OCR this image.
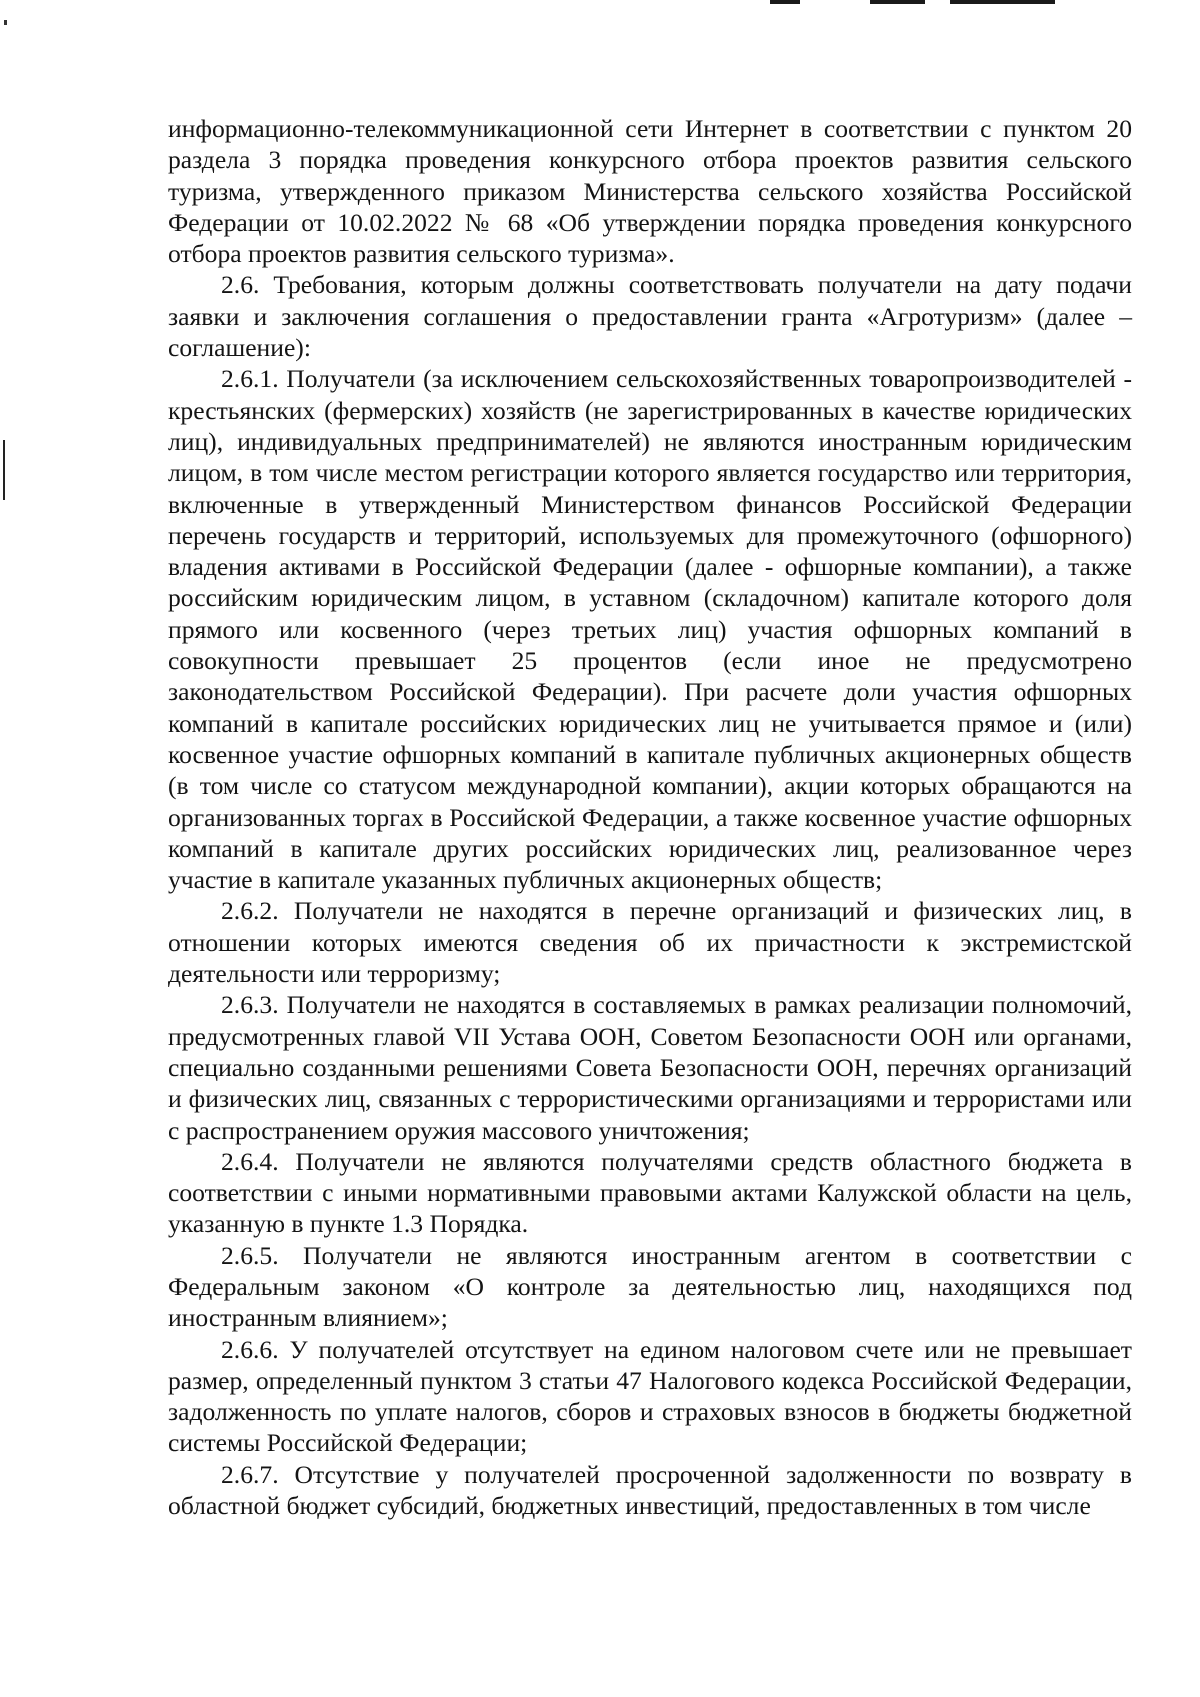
информационно-телекоммуникационной сети Интернет в соответствии с пунктом 20 раздела 3 порядка проведения конкурсного отбора проектов развития сельского туризма, утвержденного приказом Министерства сельского хозяйства Российской Федерации от 10.02.2022 № 68 «Об утверждении порядка проведения конкурсного отбора проектов развития сельского туризма».

2.6. Требования, которым должны соответствовать получатели на дату подачи заявки и заключения соглашения о предоставлении гранта «Агротуризм» (далее – соглашение):

2.6.1. Получатели (за исключением сельскохозяйственных товаропроизводителей - крестьянских (фермерских) хозяйств (не зарегистрированных в качестве юридических лиц), индивидуальных предпринимателей) не являются иностранным юридическим лицом, в том числе местом регистрации которого является государство или территория, включенные в утвержденный Министерством финансов Российской Федерации перечень государств и территорий, используемых для промежуточного (офшорного) владения активами в Российской Федерации (далее - офшорные компании), а также российским юридическим лицом, в уставном (складочном) капитале которого доля прямого или косвенного (через третьих лиц) участия офшорных компаний в совокупности превышает 25 процентов (если иное не предусмотрено законодательством Российской Федерации). При расчете доли участия офшорных компаний в капитале российских юридических лиц не учитывается прямое и (или) косвенное участие офшорных компаний в капитале публичных акционерных обществ (в том числе со статусом международной компании), акции которых обращаются на организованных торгах в Российской Федерации, а также косвенное участие офшорных компаний в капитале других российских юридических лиц, реализованное через участие в капитале указанных публичных акционерных обществ;

2.6.2. Получатели не находятся в перечне организаций и физических лиц, в отношении которых имеются сведения об их причастности к экстремистской деятельности или терроризму;

2.6.3. Получатели не находятся в составляемых в рамках реализации полномочий, предусмотренных главой VII Устава ООН, Советом Безопасности ООН или органами, специально созданными решениями Совета Безопасности ООН, перечнях организаций и физических лиц, связанных с террористическими организациями и террористами или с распространением оружия массового уничтожения;

2.6.4. Получатели не являются получателями средств областного бюджета в соответствии с иными нормативными правовыми актами Калужской области на цель, указанную в пункте 1.3 Порядка.

2.6.5. Получатели не являются иностранным агентом в соответствии с Федеральным законом «О контроле за деятельностью лиц, находящихся под иностранным влиянием»;

2.6.6. У получателей отсутствует на едином налоговом счете или не превышает размер, определенный пунктом 3 статьи 47 Налогового кодекса Российской Федерации, задолженность по уплате налогов, сборов и страховых взносов в бюджеты бюджетной системы Российской Федерации;

2.6.7. Отсутствие у получателей просроченной задолженности по возврату в областной бюджет субсидий, бюджетных инвестиций, предоставленных в том числе
